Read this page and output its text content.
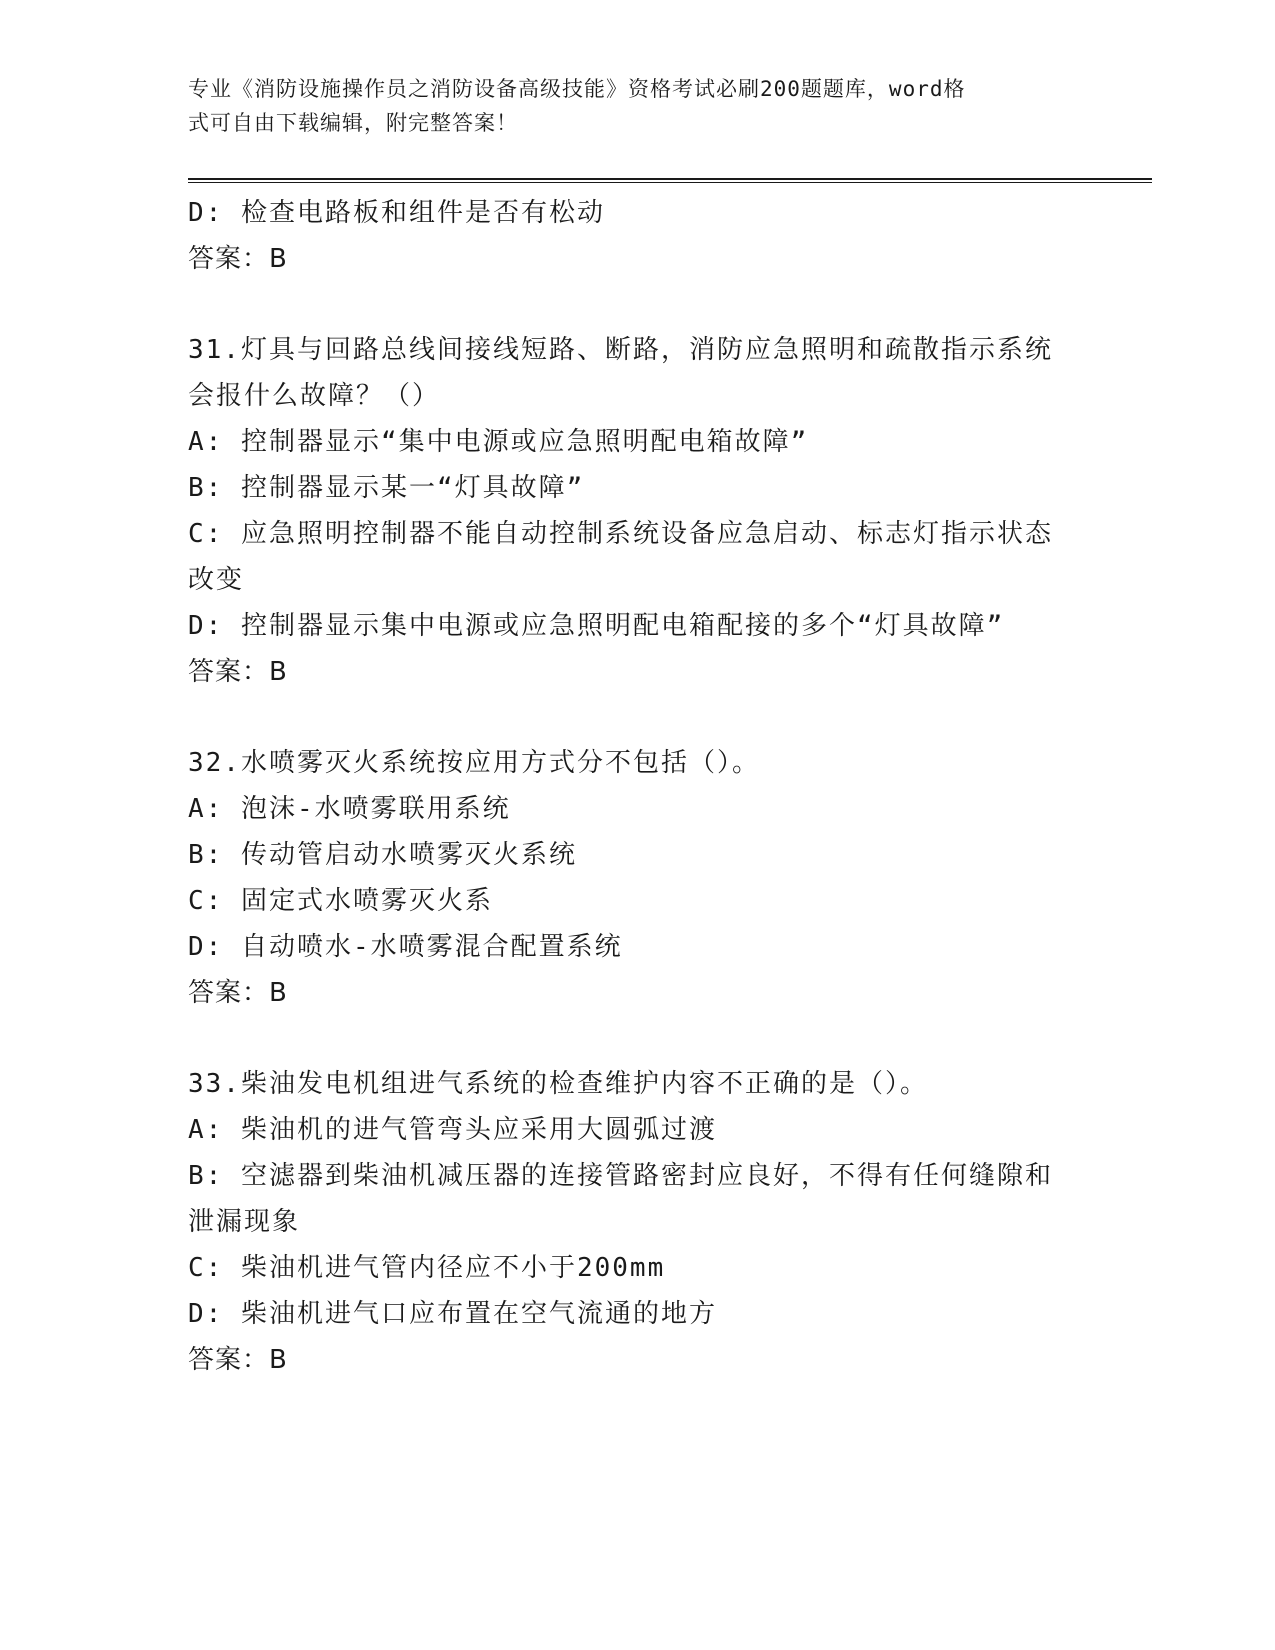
专业《消防设施操作员之消防设备高级技能》资格考试必刷200题题库，word格
式可自由下载编辑，附完整答案！
D: 检查电路板和组件是否有松动
答案：B
31.灯具与回路总线间接线短路、断路，消防应急照明和疏散指示系统
会报什么故障？（）
A: 控制器显示“集中电源或应急照明配电箱故障”
B: 控制器显示某一“灯具故障”
C: 应急照明控制器不能自动控制系统设备应急启动、标志灯指示状态
改变
D: 控制器显示集中电源或应急照明配电箱配接的多个“灯具故障”
答案：B
32.水喷雾灭火系统按应用方式分不包括（）。
A: 泡沫-水喷雾联用系统
B: 传动管启动水喷雾灭火系统
C: 固定式水喷雾灭火系
D: 自动喷水-水喷雾混合配置系统
答案：B
33.柴油发电机组进气系统的检查维护内容不正确的是（）。
A: 柴油机的进气管弯头应采用大圆弧过渡
B: 空滤器到柴油机减压器的连接管路密封应良好，不得有任何缝隙和
泄漏现象
C: 柴油机进气管内径应不小于200mm
D: 柴油机进气口应布置在空气流通的地方
答案：B
